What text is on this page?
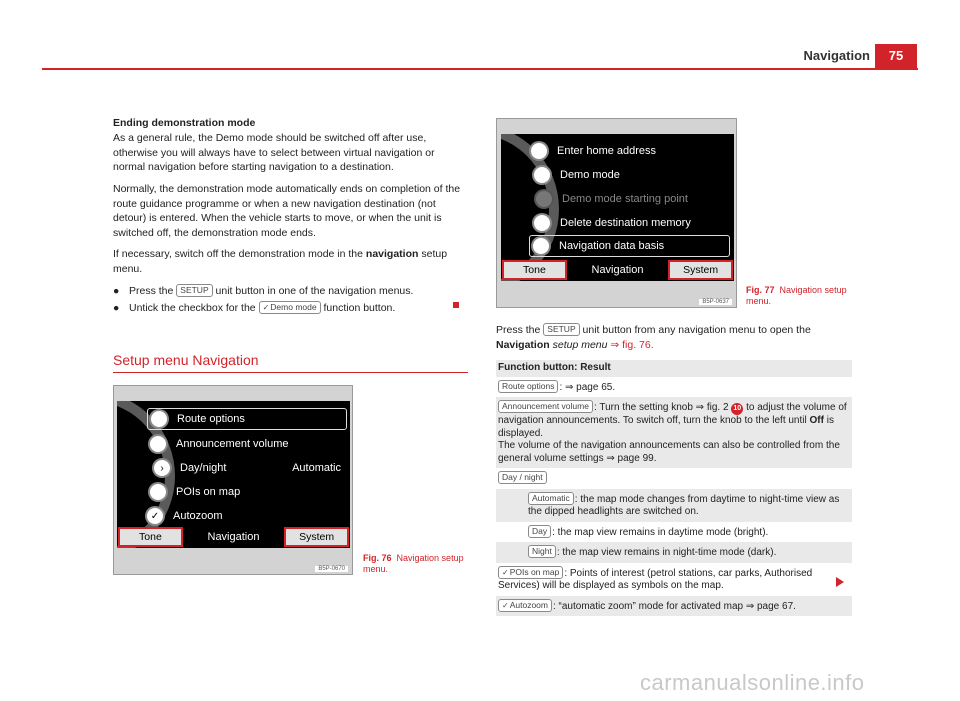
Navigation	75
Ending demonstration mode
As a general rule, the Demo mode should be switched off after use, otherwise you will always have to select between virtual navigation or normal navigation before starting navigation to a destination.
Normally, the demonstration mode automatically ends on completion of the route guidance programme or when a new navigation destination (not detour) is entered. When the vehicle starts to move, or when the unit is switched off, the demonstration mode ends.
If necessary, switch off the demonstration mode in the navigation setup menu.
● Press the SETUP unit button in one of the navigation menus.
● Untick the checkbox for the ✓Demo mode function button.
Setup menu Navigation
Route options
Announcement volume
›	Day/night	Automatic
POIs on map
✓	Autozoom
Tone	Navigation	System
B5P-0670
Fig. 76 Navigation setup menu.
Enter home address
Demo mode
Demo mode starting point
Delete destination memory
Navigation data basis
Tone	Navigation	System
B5P-0637
Fig. 77 Navigation setup menu.
Press the SETUP unit button from any navigation menu to open the Navigation setup menu ⇒ fig. 76.
Function button: Result
Route options : ⇒ page 65.
Announcement volume : Turn the setting knob ⇒ fig. 2 10 to adjust the volume of navigation announcements. To switch off, turn the knob to the left until Off is displayed.
The volume of the navigation announcements can also be controlled from the general volume settings ⇒ page 99.
Day / night
Automatic : the map mode changes from daytime to night-time view as the dipped headlights are switched on.
Day : the map view remains in daytime mode (bright).
Night : the map view remains in night-time mode (dark).
✓POIs on map : Points of interest (petrol stations, car parks, Authorised Services) will be displayed as symbols on the map.
✓Autozoom : “automatic zoom” mode for activated map ⇒ page 67.
carmanualsonline.info
